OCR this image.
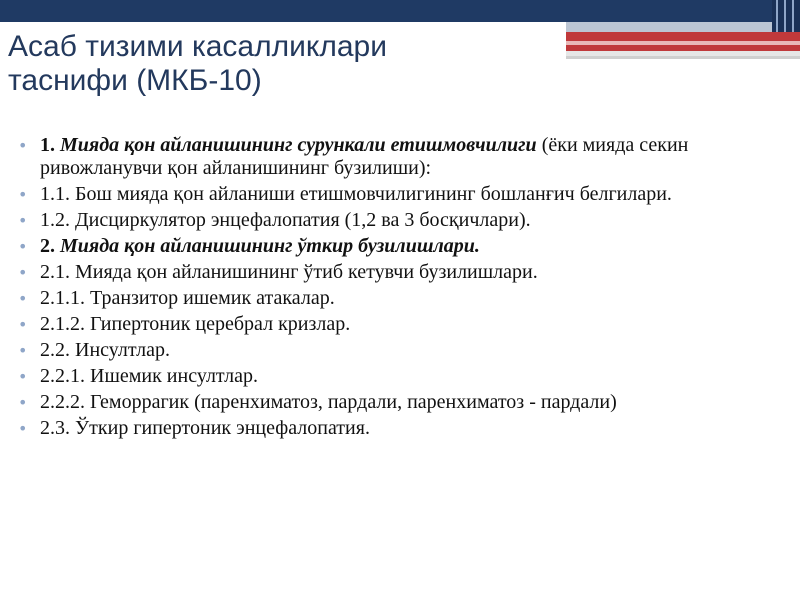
Асаб тизими касалликлари
таснифи (МКБ-10)
• 1. Мияда қон айланишининг сурункали етишмовчилиги (ёки мияда секин ривожланувчи қон айланишининг бузилиши):
• 1.1. Бош мияда қон айланиши етишмовчилигининг бошланғич белгилари.
• 1.2. Дисциркулятор энцефалопатия (1,2 ва 3 босқичлари).
• 2. Мияда қон айланишининг ўткир бузилишлари.
• 2.1. Мияда қон айланишининг ўтиб кетувчи бузилишлари.
• 2.1.1. Транзитор ишемик атакалар.
• 2.1.2. Гипертоник церебрал кризлар.
• 2.2. Инсултлар.
• 2.2.1. Ишемик инсултлар.
• 2.2.2. Геморрагик (паренхиматоз, пардали, паренхиматоз - пардали)
• 2.3. Ўткир гипертоник энцефалопатия.
